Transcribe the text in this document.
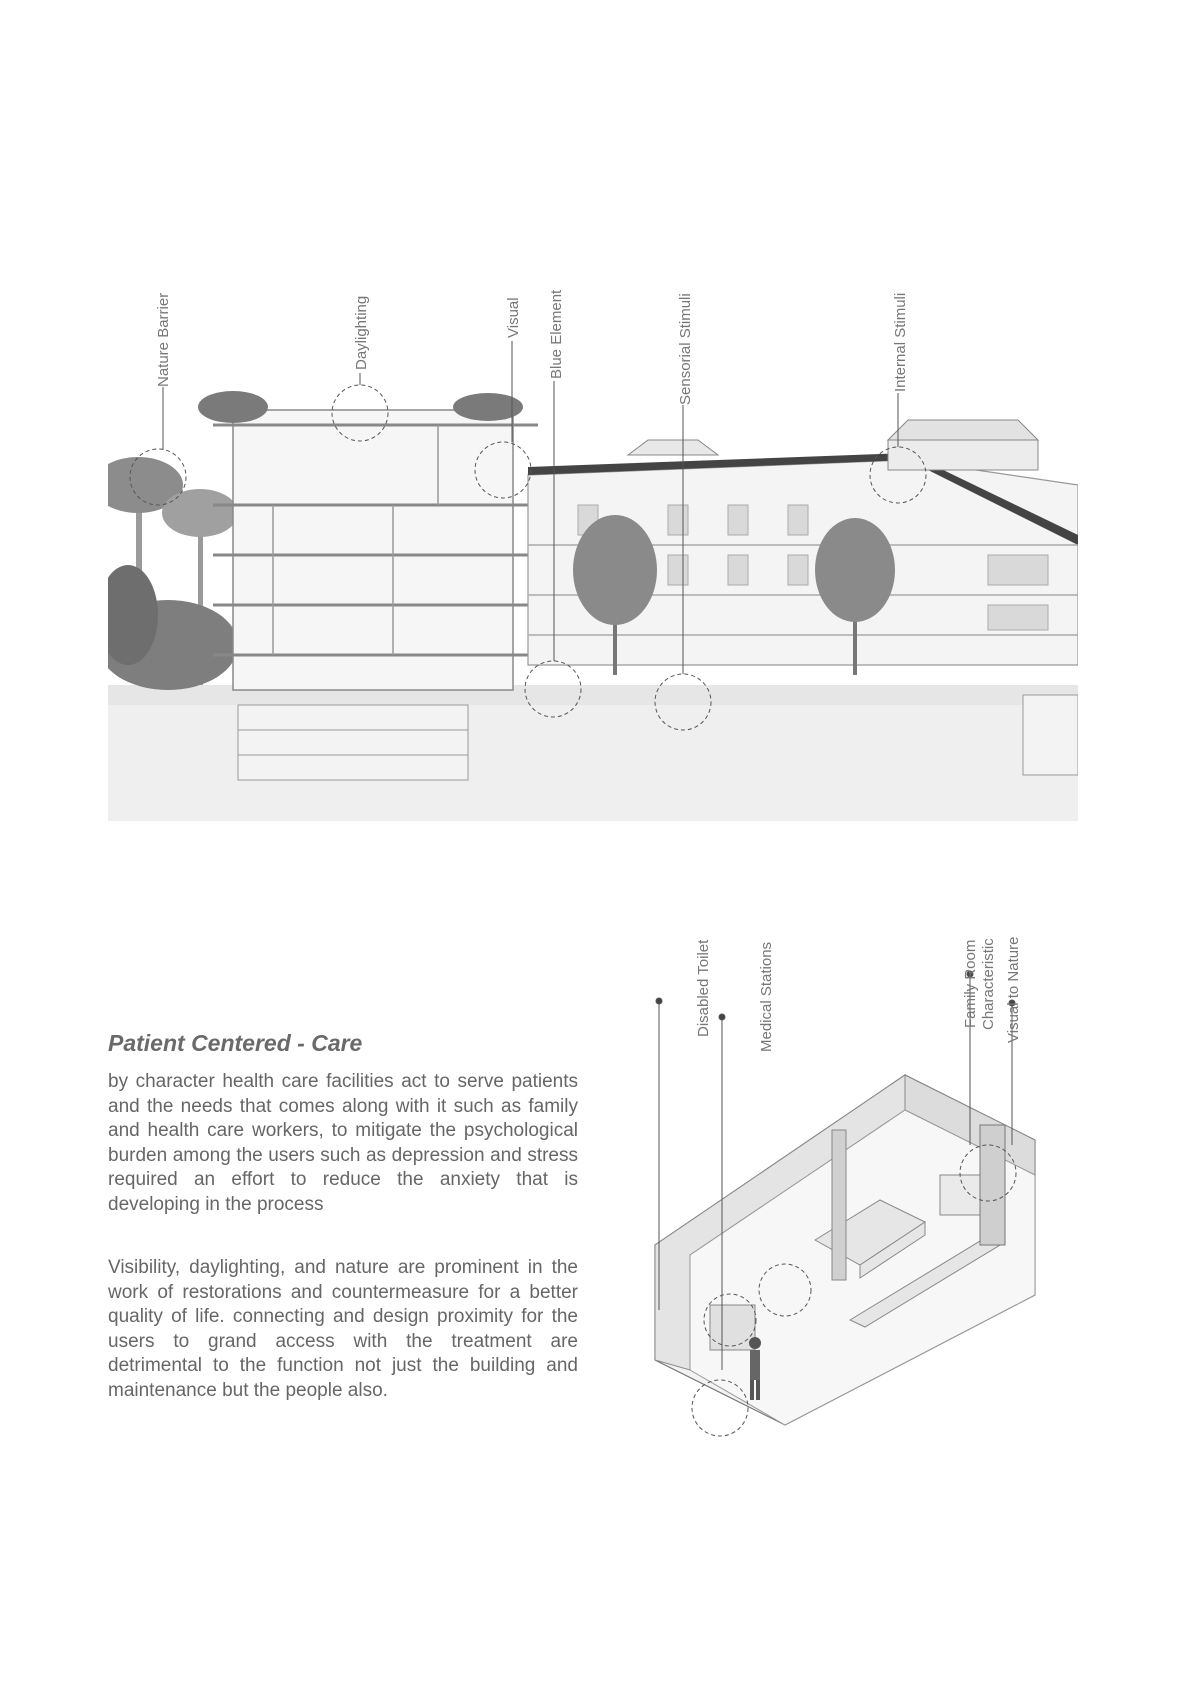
Nature Barrier	Daylighting	Visual Blue Element	Sensorial Stimuli	Internal Stimuli
Disabled Toilet	Medical Stations	Family Room Characteristic Visual to Nature
Patient Centered - Care

by character health care facilities act to serve patients and the needs that comes along with it such as family and health care workers, to mitigate the psychological burden among the users such as depression and stress required an effort to reduce the anxiety that is developing in the process

Visibility, daylighting, and nature are prominent in the work of restorations and countermeasure for a better quality of life. connecting and design proximity for the users to grand access with the treatment are detrimental to the function not just the building and maintenance but the people also.
